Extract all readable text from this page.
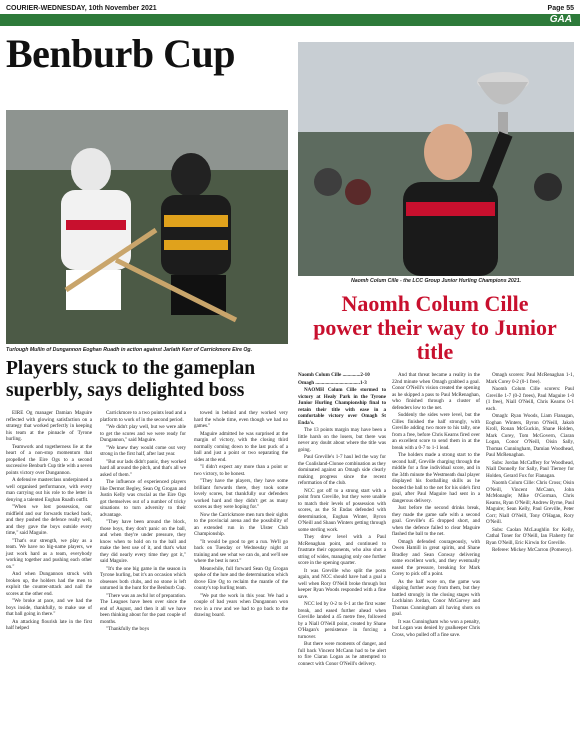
COURIER-WEDNESDAY, 10th November 2021	Page 55
GAA
Benburb Cup
Turlough Mullin of Dungannon Eoghan Ruadh in action against Jarlath Kerr of Carrickmore Eire Og.
Naomh Colum Cille - the LCC Group Junior Hurling Champions 2021.
Players stuck to the gameplan superbly, says delighted boss
Naomh Colum Cille power their way to Junior title

EIRE Og manager Damian Maguire reflected with glowing satisfaction on a strategy that worked perfectly in keeping his team at the pinnacle of Tyrone hurling.

Teamwork and togetherness lie at the heart of a non-stop momentum that propelled the Eire Ogs to a second successive Benburb Cup title with a seven points victory over Dungannon.

A defensive masterclass underpinned a well organised performance, with every man carrying out his role to the letter in denying a talented Eoghan Ruadh outfit.

"When we lost possession, our midfield and our forwards tracked back, and they pushed the defence really well, and they gave the boys outside every time," said Maguire.

"That's our strength, we play as a team. We have no big-name players, we just work hard as a team, everybody working together and pushing each other on."

And when Dungannon struck with broken up, the holders had the men to exploit the counter-attack and nail the scores at the other end.

"We broke at pace, and we had the boys inside, thankfully, to make use of that ball going in there."

An attacking flourish late in the first half helped

Carrickmore to a two points lead and a platform to work of in the second period.

"We didn't play well, but we were able to get the scores and we were ready for Dungannon," said Maguire.

"We knew they would come out very strong in the first half, after last year.

"But our lads didn't panic, they worked hard all around the pitch, and that's all we asked of them."

The influence of experienced players like Dermot Begley, Sean Og Grogan and Justin Kelly was crucial as the Eire Ogs got themselves out of a number of tricky situations to turn adversity to their advantage.

"They have been around the block, those boys, they don't panic on the ball, and when they're under pressure, they know when to hold on to the ball and make the best use of it, and that's what they did nearly every time they got it," said Maguire.

"It's the one big game in the season in Tyrone hurling, but it's an occasion which obsesses both clubs, and no stone is left unturned in the hunt for the Benburb Cup.

"There was an awful lot of preparation. The Leagues have been over since the end of August, and then it all we have been thinking about for the past couple of months.

"Thankfully the boys

towed in behind and they worked very hard the whole time, even though we had no games."

Maguire admitted he was surprised at the margin of victory, with the closing third normally coming down to the last puck of a ball and just a point or two separating the sides at the end.

"I didn't expect any more than a point or two victory, to be honest.

"They have the players, they have some brilliant forwards there, they took some lovely scores, but thankfully our defenders worked hard and they didn't get as many scores as they were hoping for."

Now the Carrickmore men turn their sights to the provincial arena and the possibility of an extended run in the Ulster Club Championship.

"It would be good to get a run. We'll go back on Tuesday or Wednesday night at training and see what we can do, and we'll see where the best is next."

Meanwhile, full forward Sean Og Grogan spoke of the lure and the determination which drove Eire Og to reclaim the mantle of the county's top hurling team.

"We put the work in this year. We had a couple of bad years when Dungannon won two in a row and we had to go back to the drawing board.

Naomh Colum Cille ..............2-10

Omagh ...................................1-3

NAOMH Colum Cille stormed to victory at Healy Park in the Tyrone Junior Hurling Championship final to retain their title with ease in a comfortable victory over Omagh St Enda's.

The 13 points margin may have been a little harsh on the losers, but there was never any doubt about where the title was going.

Paul Greville's 1-7 haul led the way for the Coalisland-Clonoe combination as they dominated against an Omagh side clearly making progress since the recent reformation of the club.

NCC got off to a strong start with a point from Greville, but they were unable to match their levels of possession with scores, as the St Endas defended with determination, Eoghan Winter, Byron O'Neill and Shaun Winters getting through some sterling work.

They drew level with a Paul McRenaghan point, and continued to frustrate their opponents, who also shot a string of wides, managing only one further score in the opening quarter.

It was Greville who split the posts again, and NCC should have had a goal a well when Rory O'Neill broke through but keeper Ryan Woods responded with a fine save.

NCC led by 0-2 to 0-1 at the first water break, and eased further ahead when Greville landed a 45 metre free, followed by a Niall O'Neill point, created by Shane O'Hagan's persistence in forcing a turnover.

But there were moments of danger, and full back Vincent McCann had to be alert to fire Ciaran Logan as he attempted to connect with Conor O'Neill's delivery.

And that threat became a reality in the 22nd minute when Omagh grabbed a goal. Conor O'Neill's vision created the opening as he skipped a pass to Paul McRenaghan, who finished through a cluster of defenders low to the net.

Suddenly the sides were level, but the Cilles finished the half strongly, with Greville adding two more to his tally, one from a free, before Chris Kearns fired over an excellent score to send them in at the break with a 0-7 to 1-1 lead.

The holders made a strong start to the second half, Greville charging through the middle for a fine individual score, and in the 34th minute the Westmeath dual player displayed his footballing skills as he booted the ball to the net for his side's first goal, after Paul Maguire had sent in a dangerous delivery.

Just before the second drinks break, they made the game safe with a second goal. Greville's 45 dropped short, and when the defence failed to clear Maguire flashed the ball to the net.

Omagh defended courageously, with Owen Hamill in great spirits, and Shane Bradley and Sean Conway delivering some excellent work, and they eventually eased the pressure, breaking for Mark Corey to pick off a point.

As the half wore on, the game was slipping further away from them, but they battled strongly in the closing stages with Lochlainn Jordan, Conor McGarvey and Thomas Cunningham all having shots on goal.

It was Cunningham who won a penalty, but Logan was denied by goalkeeper Chris Cross, who pulled off a fine save.

Omagh scorers: Paul McRenaghan 1-1, Mark Corey 0-2 (0-1 free).

Naomh Colum Cille scorers: Paul Greville 1-7 (0-2 frees), Paul Maguire 1-0 (1 free), Niall O'Neill, Chris Kearns 0-1 each.

Omagh: Ryan Woods, Liam Flanagan, Eoghan Winters, Byron O'Neill, Jakob Kroll, Ronan McGuckin, Shane Holden, Mark Corey, Tom McGovern, Ciaran Logan, Conor O'Neill, Oisin Sally, Thomas Cunningham, Damian Woodhead, Paul McRenaghan.

Subs: Jordan McCaffery for Woodhead, Niall Donnelly for Sally, Paul Tierney for Holden, Gerard Fox for Flanagan.

Naomh Colum Cille: Chris Cross; Oisin O'Neill, Vincent McCann, John McMonagle; Mike O'Gorman, Chris Kearns, Ryan O'Neill; Andrew Byrne, Paul Maguire; Sean Kelly, Paul Greville, Peter Corr; Niall O'Neill, Tony O'Hagan, Rory O'Neill.

Subs: Caolan McLaughlin for Kelly, Cathal Toner for O'Neill, Ian Flaherty for Ryan O'Neill, Eric Kirwin for Greville.

Referee: Mickey McCarron (Pomeroy).
